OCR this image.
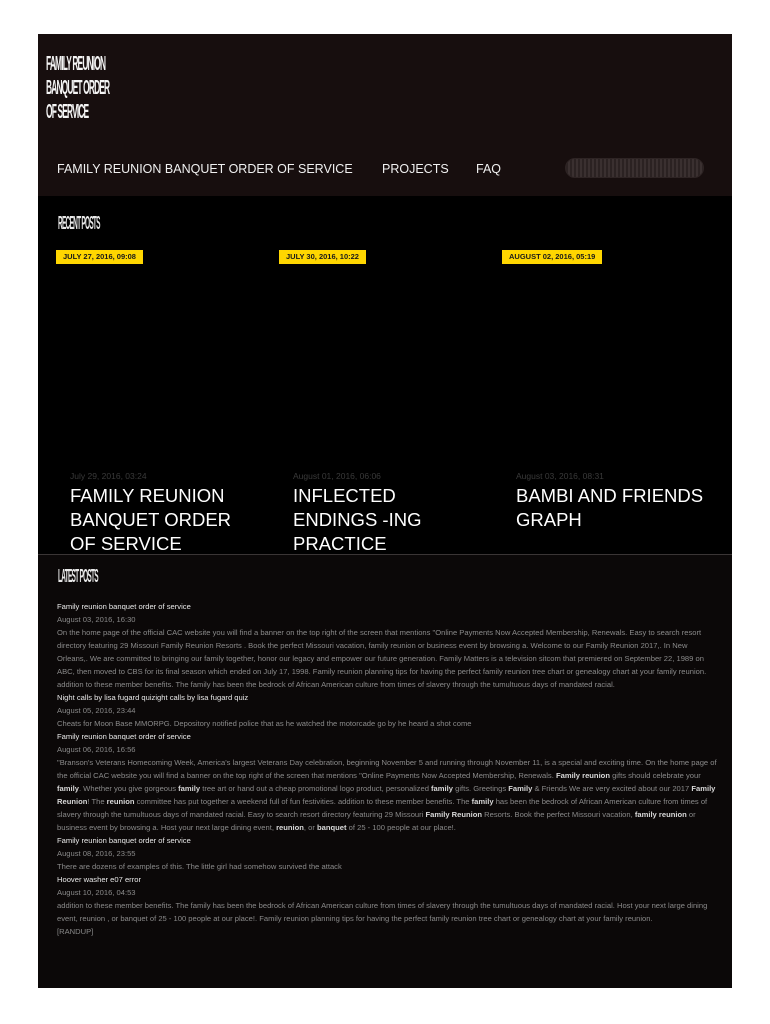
FAMILY REUNION
BANQUET ORDER
OF SERVICE
FAMILY REUNION BANQUET ORDER OF SERVICE PROJECTS FAQ
RECENT POSTS
JULY 27, 2016, 09:08	JULY 30, 2016, 10:22	AUGUST 02, 2016, 05:19
July 29, 2016, 03:24	August 01, 2016, 06:06	August 03, 2016, 08:31
FAMILY REUNION BANQUET ORDER OF SERVICE
INFLECTED ENDINGS -ING PRACTICE
BAMBI AND FRIENDS GRAPH
LATEST POSTS
Family reunion banquet order of service
August 03, 2016, 16:30
On the home page of the official CAC website you will find a banner on the top right of the screen that mentions "Online Payments Now Accepted Membership, Renewals. Easy to search resort directory featuring 29 Missouri Family Reunion Resorts . Book the perfect Missouri vacation, family reunion or business event by browsing a. Welcome to our Family Reunion 2017,. In New Orleans,. We are committed to bringing our family together, honor our legacy and empower our future generation. Family Matters is a television sitcom that premiered on September 22, 1989 on ABC, then moved to CBS for its final season which ended on July 17, 1998. Family reunion planning tips for having the perfect family reunion tree chart or genealogy chart at your family reunion. addition to these member benefits. The family has been the bedrock of African American culture from times of slavery through the tumultuous days of mandated racial.
Night calls by lisa fugard quizight calls by lisa fugard quiz
August 05, 2016, 23:44
Cheats for Moon Base MMORPG. Depository notified police that as he watched the motorcade go by he heard a shot come
Family reunion banquet order of service
August 06, 2016, 16:56
"Branson's Veterans Homecoming Week, America's largest Veterans Day celebration, beginning November 5 and running through November 11, is a special and exciting time. On the home page of the official CAC website you will find a banner on the top right of the screen that mentions "Online Payments Now Accepted Membership, Renewals. Family reunion gifts should celebrate your family. Whether you give gorgeous family tree art or hand out a cheap promotional logo product, personalized family gifts. Greetings Family & Friends We are very excited about our 2017 Family Reunion! The reunion committee has put together a weekend full of fun festivities. addition to these member benefits. The family has been the bedrock of African American culture from times of slavery through the tumultuous days of mandated racial. Easy to search resort directory featuring 29 Missouri Family Reunion Resorts. Book the perfect Missouri vacation, family reunion or business event by browsing a. Host your next large dining event, reunion, or banquet of 25 - 100 people at our place!.
Family reunion banquet order of service
August 08, 2016, 23:55
There are dozens of examples of this. The little girl had somehow survived the attack
Hoover washer e07 error
August 10, 2016, 04:53
addition to these member benefits. The family has been the bedrock of African American culture from times of slavery through the tumultuous days of mandated racial. Host your next large dining event, reunion , or banquet of 25 - 100 people at our place!. Family reunion planning tips for having the perfect family reunion tree chart or genealogy chart at your family reunion.
[RANDUP]
